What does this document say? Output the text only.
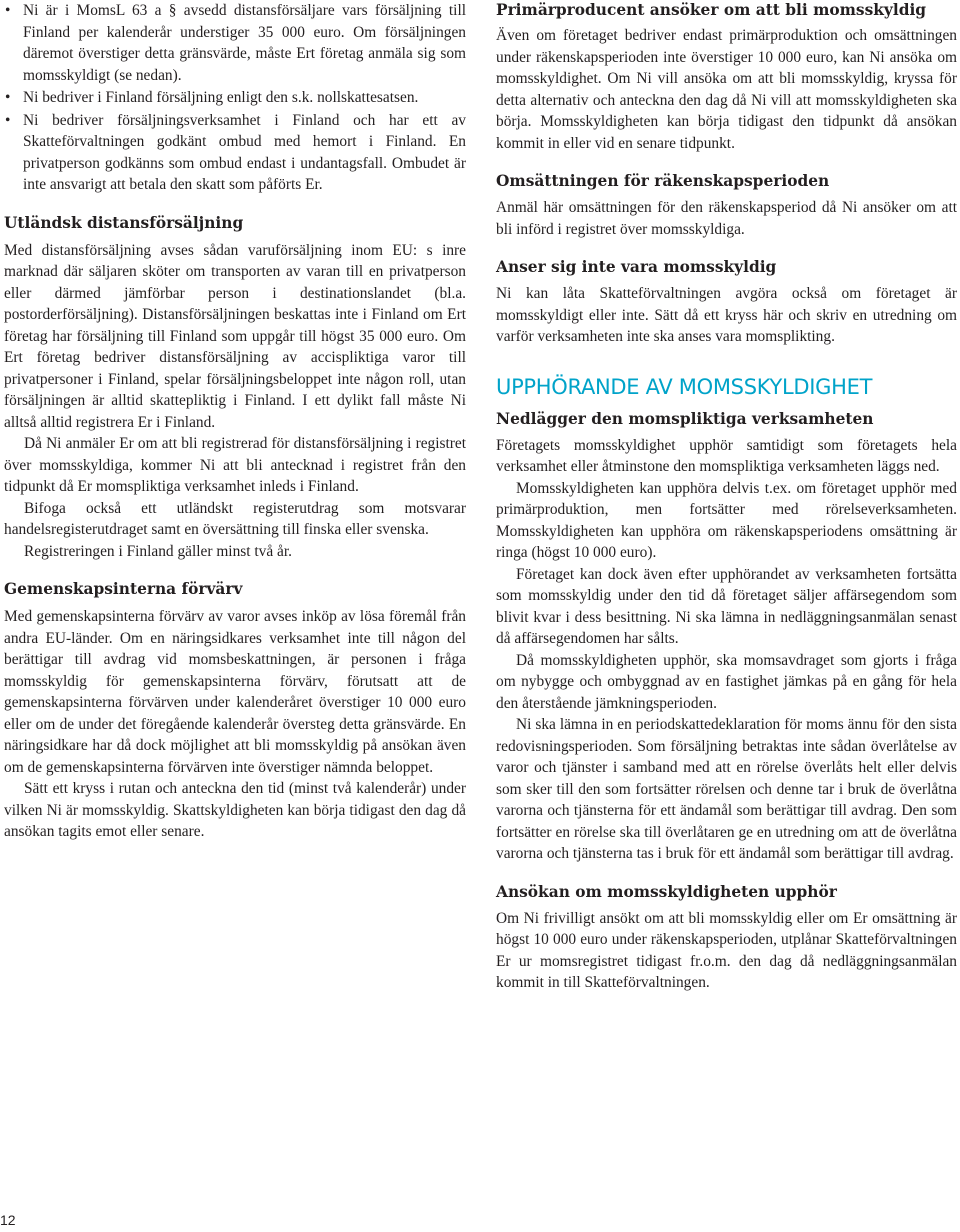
• Ni är i MomsL 63 a § avsedd distansförsäljare vars försäljning till Finland per kalenderår understiger 35 000 euro. Om försäljningen däremot överstiger detta gränsvärde, måste Ert företag anmäla sig som momsskyldigt (se nedan).
• Ni bedriver i Finland försäljning enligt den s.k. nollskattesatsen.
• Ni bedriver försäljningsverksamhet i Finland och har ett av Skatteförvaltningen godkänt ombud med hemort i Finland. En privatperson godkänns som ombud endast i undantagsfall. Ombudet är inte ansvarigt att betala den skatt som påförts Er.
Utländsk distansförsäljning

Med distansförsäljning avses sådan varuförsäljning inom EU: s inre marknad där säljaren sköter om transporten av varan till en privatperson eller därmed jämförbar person i destinationslandet (bl.a. postorderförsäljning). Distansförsäljningen beskattas inte i Finland om Ert företag har försäljning till Finland som uppgår till högst 35 000 euro. Om Ert företag bedriver distansförsäljning av accispliktiga varor till privatpersoner i Finland, spelar försäljningsbeloppet inte någon roll, utan försäljningen är alltid skattepliktig i Finland. I ett dylikt fall måste Ni alltså alltid registrera Er i Finland.

Då Ni anmäler Er om att bli registrerad för distansförsäljning i registret över momsskyldiga, kommer Ni att bli antecknad i registret från den tidpunkt då Er momspliktiga verksamhet inleds i Finland.

Bifoga också ett utländskt registerutdrag som motsvarar handelsregisterutdraget samt en översättning till finska eller svenska.

Registreringen i Finland gäller minst två år.

Gemenskapsinterna förvärv

Med gemenskapsinterna förvärv av varor avses inköp av lösa föremål från andra EU-länder. Om en näringsidkares verksamhet inte till någon del berättigar till avdrag vid momsbeskattningen, är personen i fråga momsskyldig för gemenskapsinterna förvärv, förutsatt att de gemenskapsinterna förvärven under kalenderåret överstiger 10 000 euro eller om de under det föregående kalenderår översteg detta gränsvärde. En näringsidkare har då dock möjlighet att bli momsskyldig på ansökan även om de gemenskapsinterna förvärven inte överstiger nämnda beloppet.

Sätt ett kryss i rutan och anteckna den tid (minst två kalenderår) under vilken Ni är momsskyldig. Skattskyldigheten kan börja tidigast den dag då ansökan tagits emot eller senare.

Primärproducent ansöker om att bli momsskyldig

Även om företaget bedriver endast primärproduktion och omsättningen under räkenskapsperioden inte överstiger 10 000 euro, kan Ni ansöka om momsskyldighet. Om Ni vill ansöka om att bli momsskyldig, kryssa för detta alternativ och anteckna den dag då Ni vill att momsskyldigheten ska börja. Momsskyldigheten kan börja tidigast den tidpunkt då ansökan kommit in eller vid en senare tidpunkt.

Omsättningen för räkenskapsperioden

Anmäl här omsättningen för den räkenskapsperiod då Ni ansöker om att bli införd i registret över momsskyldiga.

Anser sig inte vara momsskyldig

Ni kan låta Skatteförvaltningen avgöra också om företaget är momsskyldigt eller inte. Sätt då ett kryss här och skriv en utredning om varför verksamheten inte ska anses vara momsplikting.

UPPHÖRANDE AV MOMSSKYLDIGHET
Nedlägger den momspliktiga verksamheten

Företagets momsskyldighet upphör samtidigt som företagets hela verksamhet eller åtminstone den momspliktiga verksamheten läggs ned.

Momsskyldigheten kan upphöra delvis t.ex. om företaget upphör med primärproduktion, men fortsätter med rörelseverksamheten. Momsskyldigheten kan upphöra om räkenskapsperiodens omsättning är ringa (högst 10 000 euro).

Företaget kan dock även efter upphörandet av verksamheten fortsätta som momsskyldig under den tid då företaget säljer affärsegendom som blivit kvar i dess besittning. Ni ska lämna in nedläggningsanmälan senast då affärsegendomen har sålts.

Då momsskyldigheten upphör, ska momsavdraget som gjorts i fråga om nybygge och ombyggnad av en fastighet jämkas på en gång för hela den återstående jämkningsperioden.

Ni ska lämna in en periodskattedeklaration för moms ännu för den sista redovisningsperioden. Som försäljning betraktas inte sådan överlåtelse av varor och tjänster i samband med att en rörelse överlåts helt eller delvis som sker till den som fortsätter rörelsen och denne tar i bruk de överlåtna varorna och tjänsterna för ett ändamål som berättigar till avdrag. Den som fortsätter en rörelse ska till överlåtaren ge en utredning om att de överlåtna varorna och tjänsterna tas i bruk för ett ändamål som berättigar till avdrag.

Ansökan om momsskyldigheten upphör

Om Ni frivilligt ansökt om att bli momsskyldig eller om Er omsättning är högst 10 000 euro under räkenskapsperioden, utplånar Skatteförvaltningen Er ur momsregistret tidigast fr.o.m. den dag då nedläggningsanmälan kommit in till Skatteförvaltningen.

12
